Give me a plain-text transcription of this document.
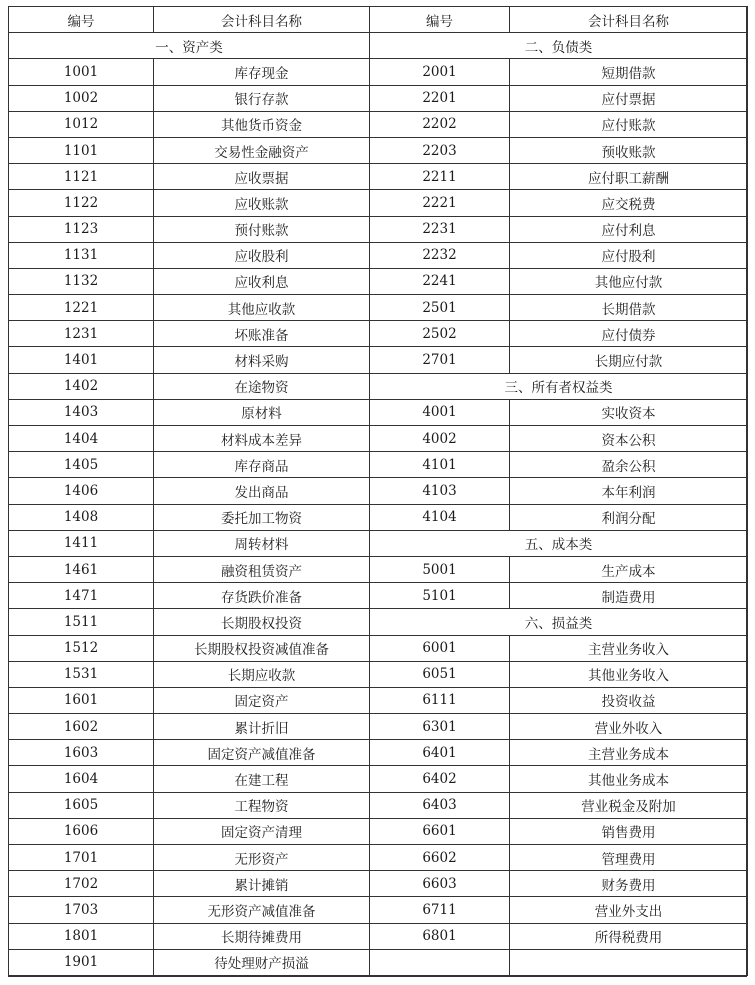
编号	会计科目名称	编号	会计科目名称
一、资产类		二、负债类	
1001	库存现金	2001	短期借款
1002	银行存款	2201	应付票据
1012	其他货币资金	2202	应付账款
1101	交易性金融资产	2203	预收账款
1121	应收票据	2211	应付职工薪酬
1122	应收账款	2221	应交税费
1123	预付账款	2231	应付利息
1131	应收股利	2232	应付股利
1132	应收利息	2241	其他应付款
1221	其他应收款	2501	长期借款
1231	坏账准备	2502	应付债券
1401	材料采购	2701	长期应付款
1402	在途物资	三、所有者权益类	
1403	原材料	4001	实收资本
1404	材料成本差异	4002	资本公积
1405	库存商品	4101	盈余公积
1406	发出商品	4103	本年利润
1408	委托加工物资	4104	利润分配
1411	周转材料	五、成本类	
1461	融资租赁资产	5001	生产成本
1471	存货跌价准备	5101	制造费用
1511	长期股权投资	六、损益类	
1512	长期股权投资减值准备	6001	主营业务收入
1531	长期应收款	6051	其他业务收入
1601	固定资产	6111	投资收益
1602	累计折旧	6301	营业外收入
1603	固定资产减值准备	6401	主营业务成本
1604	在建工程	6402	其他业务成本
1605	工程物资	6403	营业税金及附加
1606	固定资产清理	6601	销售费用
1701	无形资产	6602	管理费用
1702	累计摊销	6603	财务费用
1703	无形资产减值准备	6711	营业外支出
1801	长期待摊费用	6801	所得税费用
1901	待处理财产损溢		
